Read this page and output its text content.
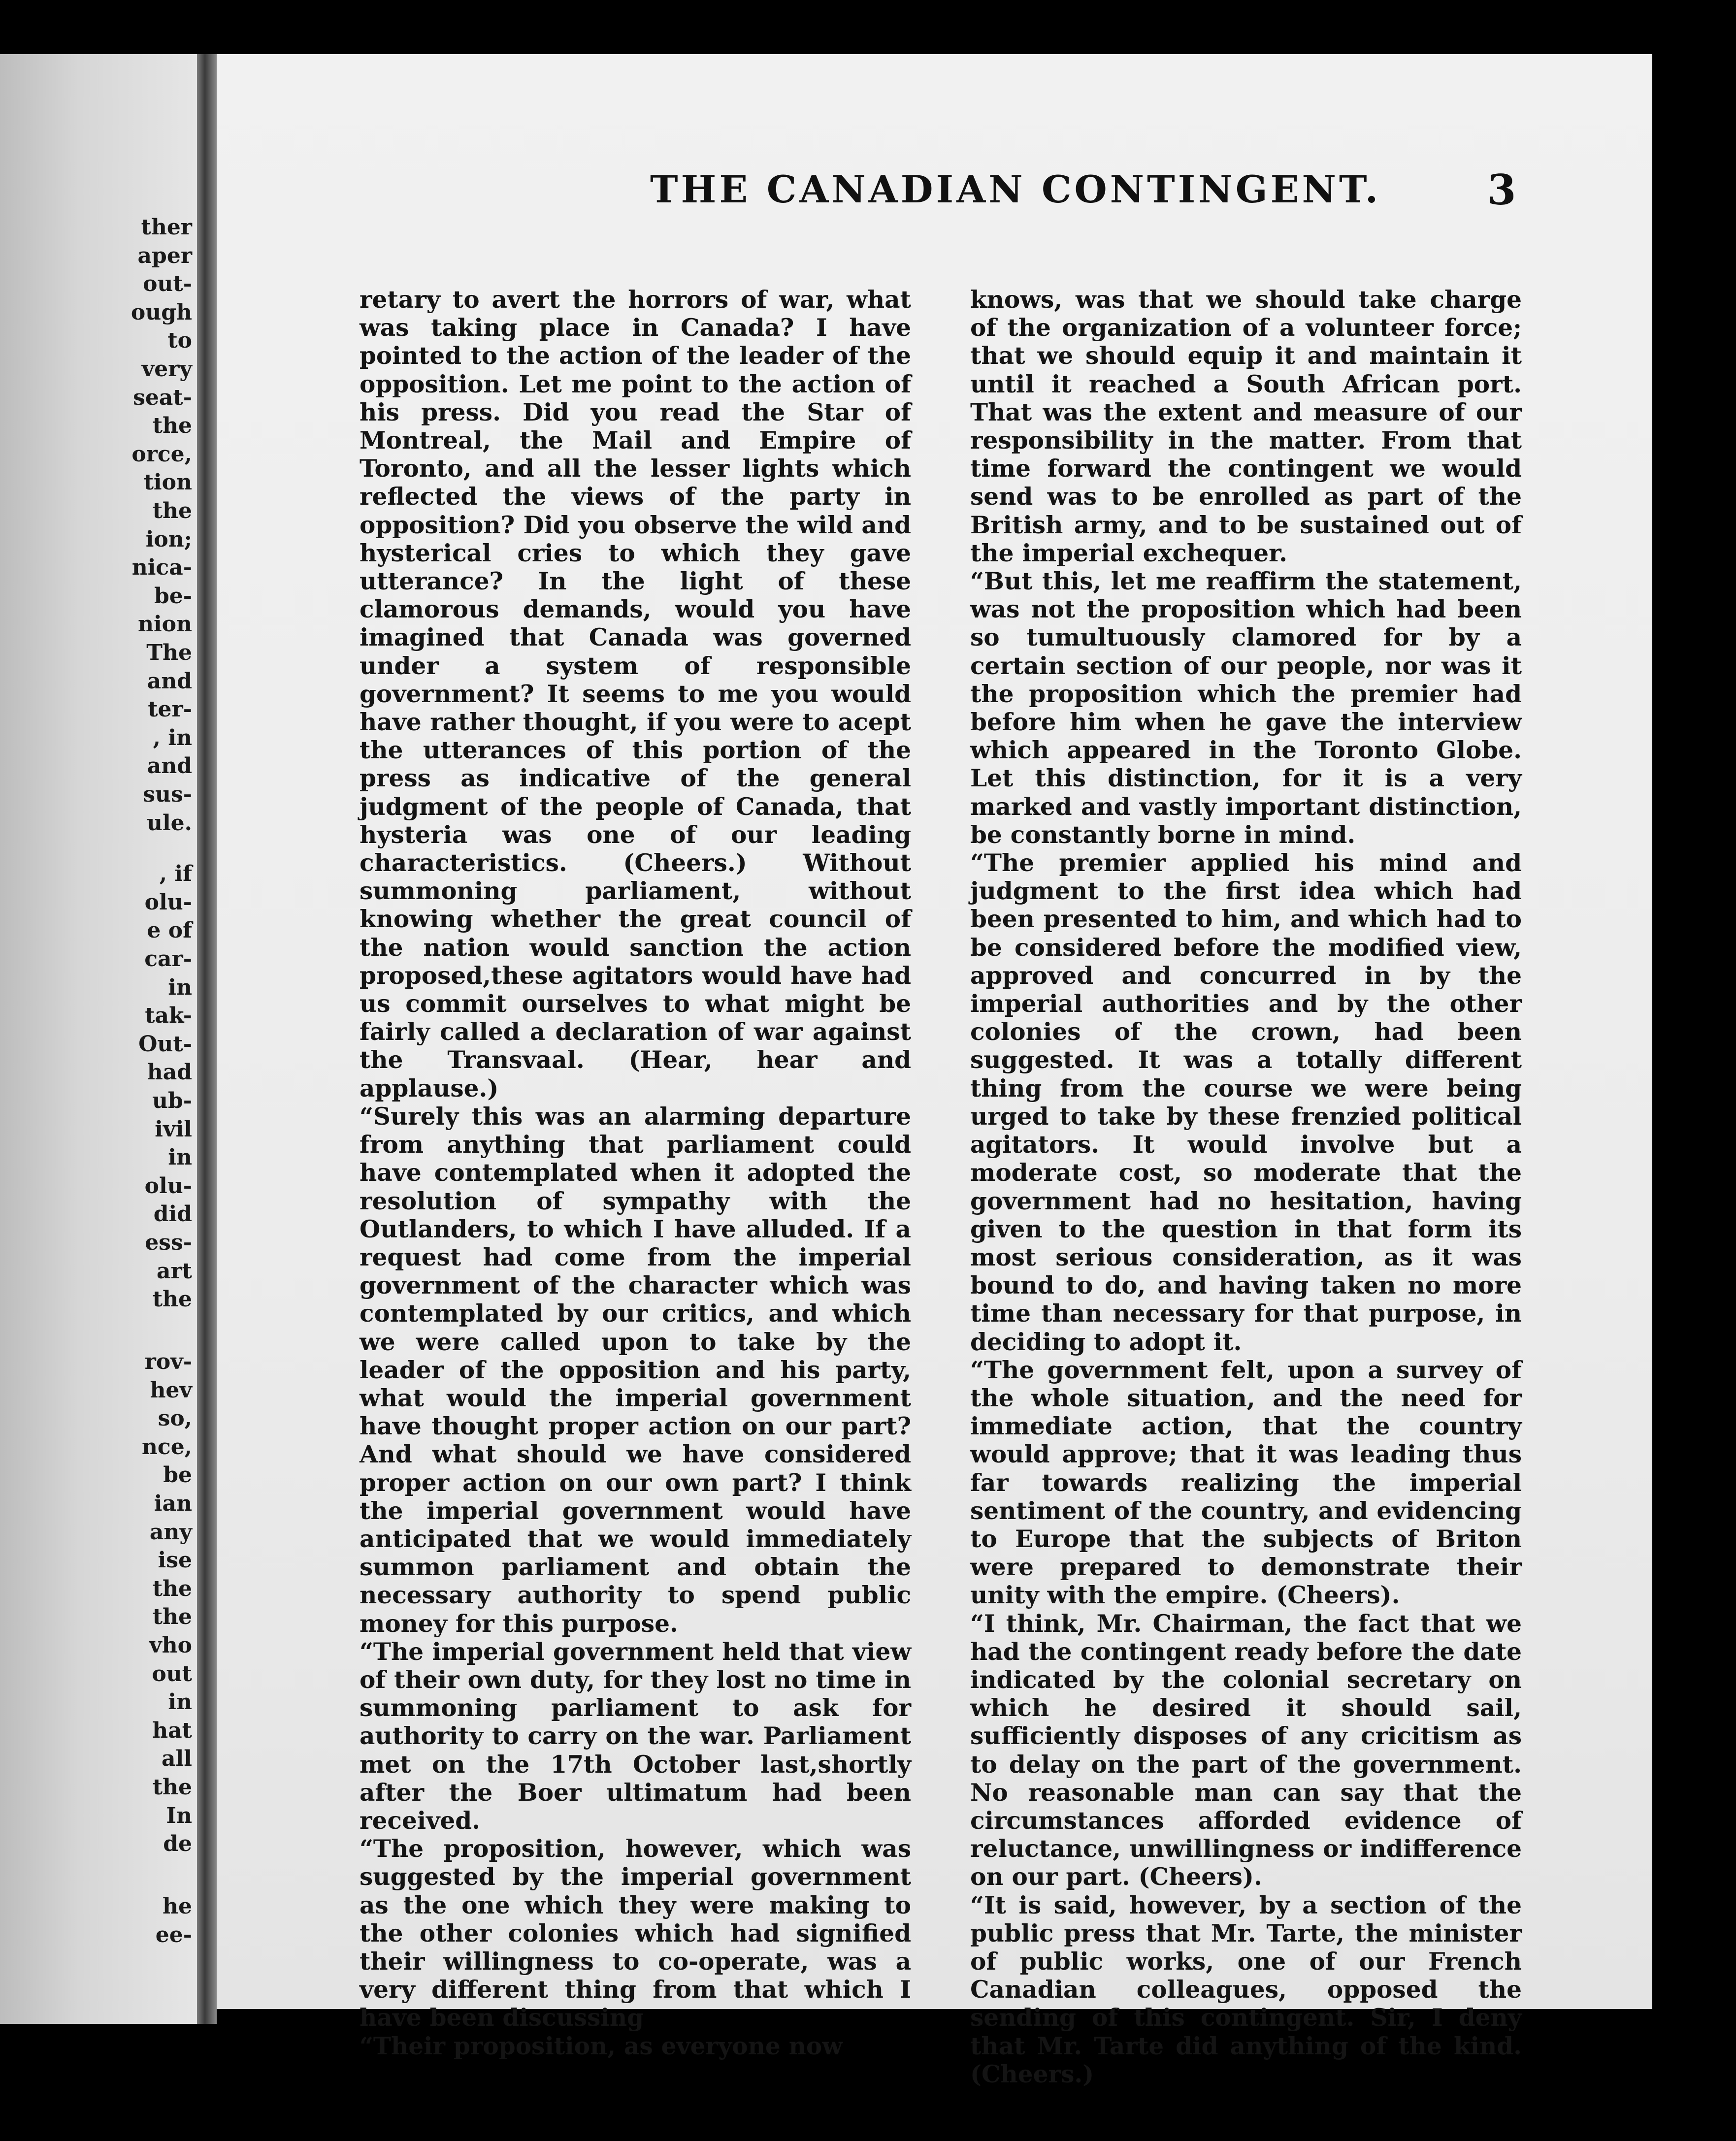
ther
aper
out-
ough
to
very
seat-
the
orce,
tion
the
ion;
nica-
be-
nion
The
and
ter-
, in
and
sus-
ule.
, if
olu-
e of
car-
in
tak-
Out-
had
ub-
ivil
in
olu-
did
ess-
art
the
rov-
hev
so,
nce,
be
ian
any
ise
the
the
vho
out
in
hat
all
the
In
de
he
ee-
THE CANADIAN CONTINGENT.	3

retary to avert the horrors of war, what was taking place in Canada? I have pointed to the action of the leader of the opposition. Let me point to the action of his press. Did you read the Star of Montreal, the Mail and Empire of Toronto, and all the lesser lights which reflected the views of the party in opposition? Did you observe the wild and hysterical cries to which they gave utterance? In the light of these clamorous demands, would you have imagined that Canada was governed under a system of responsible government? It seems to me you would have rather thought, if you were to acept the utterances of this portion of the press as indicative of the general judgment of the people of Canada, that hysteria was one of our leading characteristics. (Cheers.) Without summoning parliament, without knowing whether the great council of the nation would sanction the action proposed,these agitators would have had us commit ourselves to what might be fairly called a declaration of war against the Transvaal. (Hear, hear and applause.)

“Surely this was an alarming departure from anything that parliament could have contemplated when it adopted the resolution of sympathy with the Outlanders, to which I have alluded. If a request had come from the imperial government of the character which was contemplated by our critics, and which we were called upon to take by the leader of the opposition and his party, what would the imperial government have thought proper action on our part? And what should we have considered proper action on our own part? I think the imperial government would have anticipated that we would immediately summon parliament and obtain the necessary authority to spend public money for this purpose.

“The imperial government held that view of their own duty, for they lost no time in summoning parliament to ask for authority to carry on the war. Parliament met on the 17th October last,shortly after the Boer ultimatum had been received.

“The proposition, however, which was suggested by the imperial government as the one which they were making to the other colonies which had signified their willingness to co-operate, was a very different thing from that which I have been discussing

“Their proposition, as everyone now

knows, was that we should take charge of the organization of a volunteer force; that we should equip it and maintain it until it reached a South African port. That was the extent and measure of our responsibility in the matter. From that time forward the contingent we would send was to be enrolled as part of the British army, and to be sustained out of the imperial exchequer.

“But this, let me reaffirm the statement, was not the proposition which had been so tumultuously clamored for by a certain section of our people, nor was it the proposition which the premier had before him when he gave the interview which appeared in the Toronto Globe. Let this distinction, for it is a very marked and vastly important distinction, be constantly borne in mind.

“The premier applied his mind and judgment to the first idea which had been presented to him, and which had to be considered before the modified view, approved and concurred in by the imperial authorities and by the other colonies of the crown, had been suggested. It was a totally different thing from the course we were being urged to take by these frenzied political agitators. It would involve but a moderate cost, so moderate that the government had no hesitation, having given to the question in that form its most serious consideration, as it was bound to do, and having taken no more time than necessary for that purpose, in deciding to adopt it.

“The government felt, upon a survey of the whole situation, and the need for immediate action, that the country would approve; that it was leading thus far towards realizing the imperial sentiment of the country, and evidencing to Europe that the subjects of Briton were prepared to demonstrate their unity with the empire. (Cheers).

“I think, Mr. Chairman, the fact that we had the contingent ready before the date indicated by the colonial secretary on which he desired it should sail, sufficiently disposes of any cricitism as to delay on the part of the government. No reasonable man can say that the circumstances afforded evidence of reluctance, unwillingness or indifference on our part. (Cheers).

“It is said, however, by a section of the public press that Mr. Tarte, the minister of public works, one of our French Canadian colleagues, opposed the sending of this contingent. Sir, I deny that Mr. Tarte did anything of the kind. (Cheers.)
